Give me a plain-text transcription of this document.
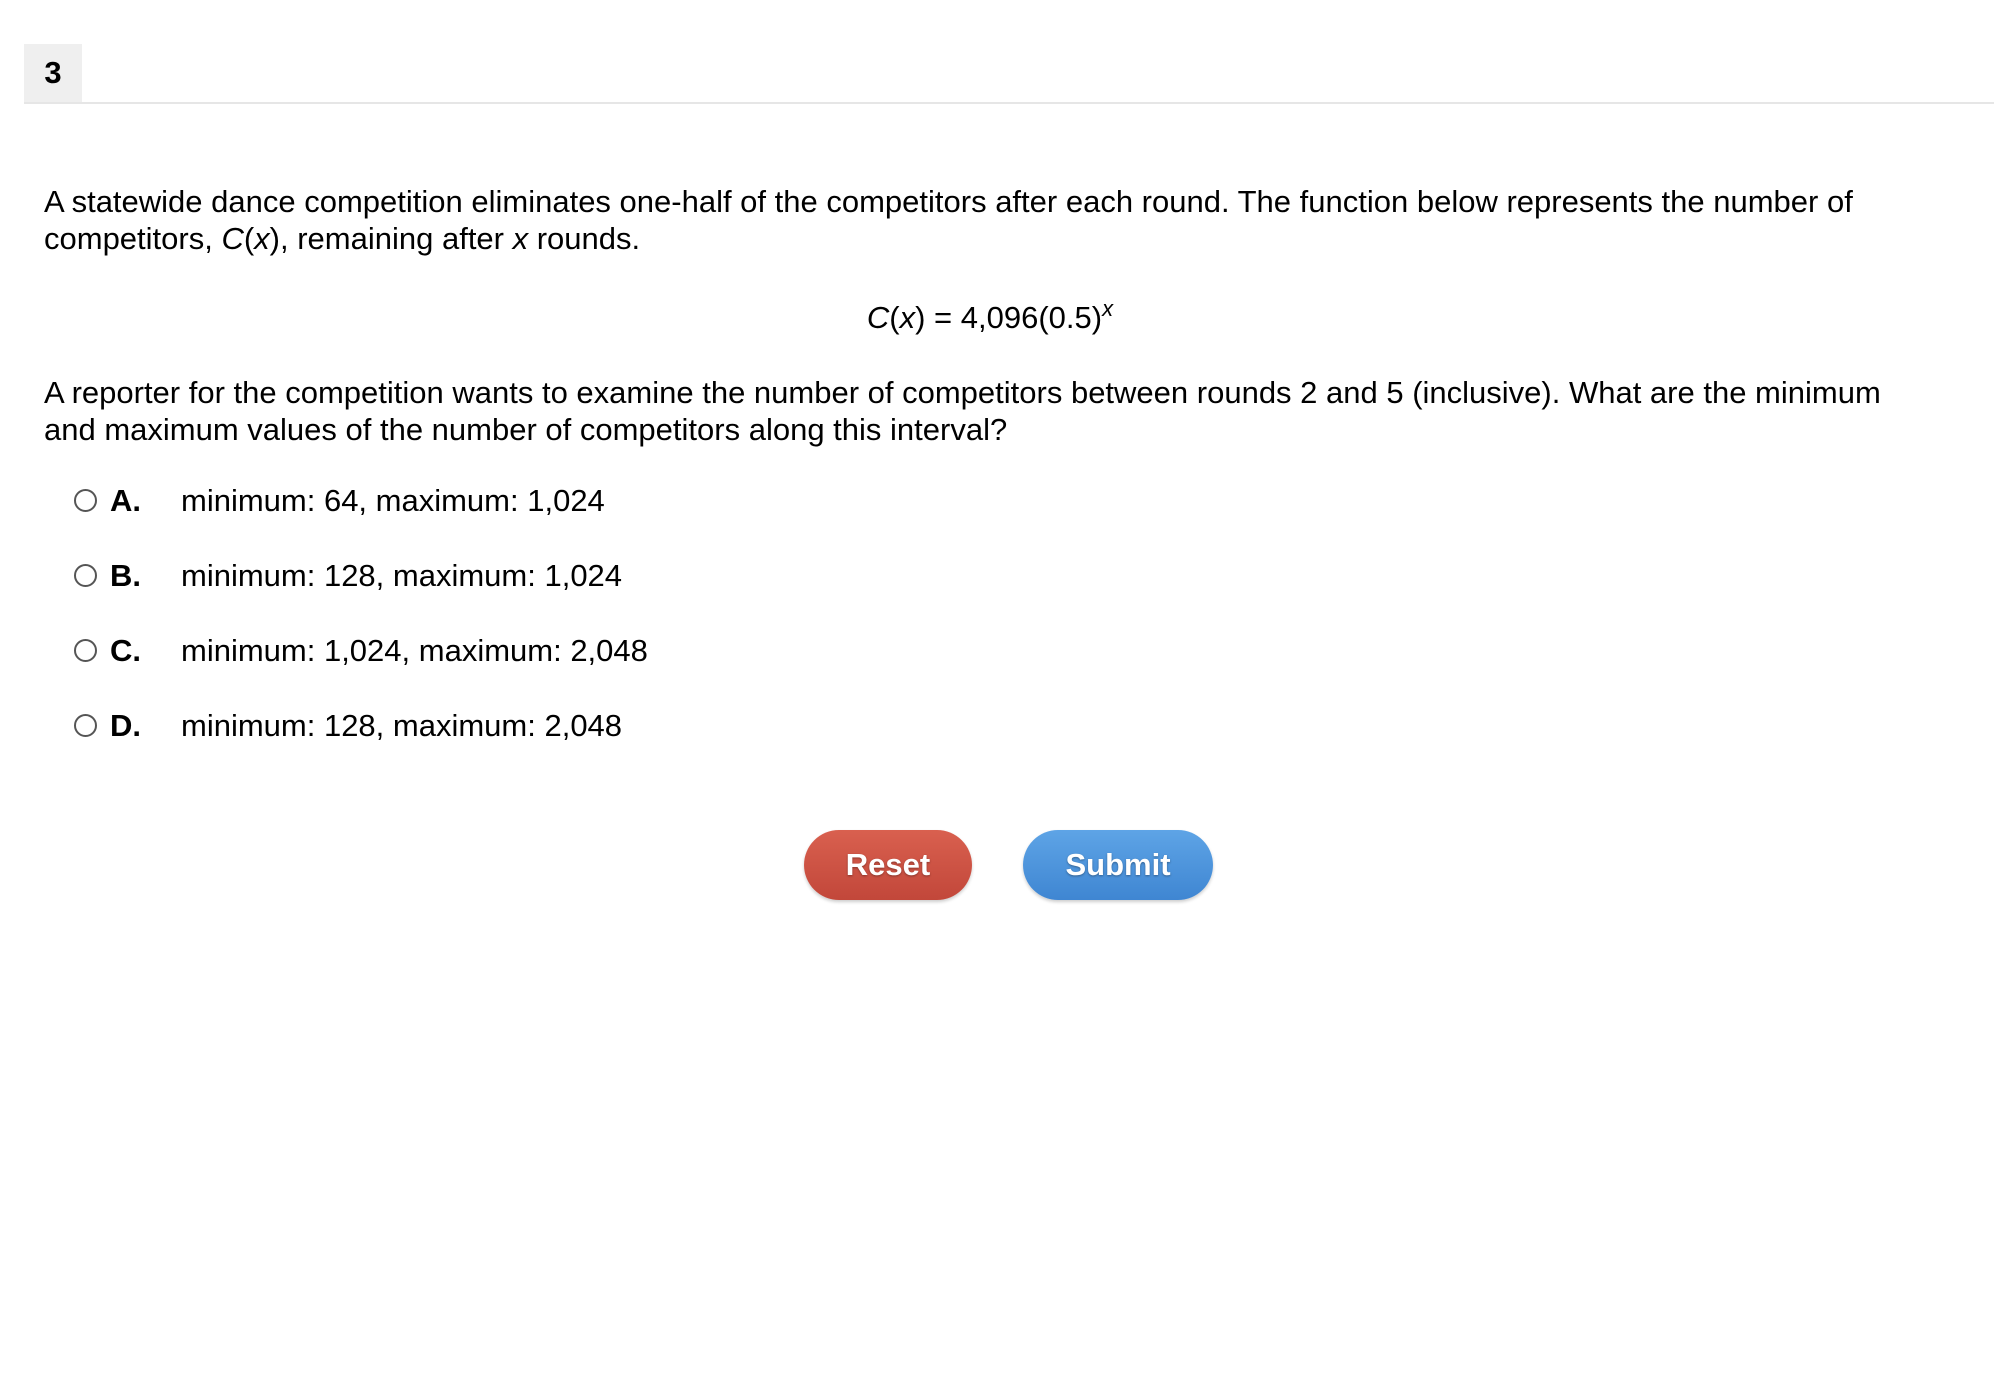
3
A statewide dance competition eliminates one-half of the competitors after each round. The function below represents the number of competitors, C(x), remaining after x rounds.
$C(x) = 4,096(0.5)^x$
A reporter for the competition wants to examine the number of competitors between rounds 2 and 5 (inclusive). What are the minimum and maximum values of the number of competitors along this interval?
A. minimum: 64, maximum: 1,024
B. minimum: 128, maximum: 1,024
C. minimum: 1,024, maximum: 2,048
D. minimum: 128, maximum: 2,048
Reset	Submit
